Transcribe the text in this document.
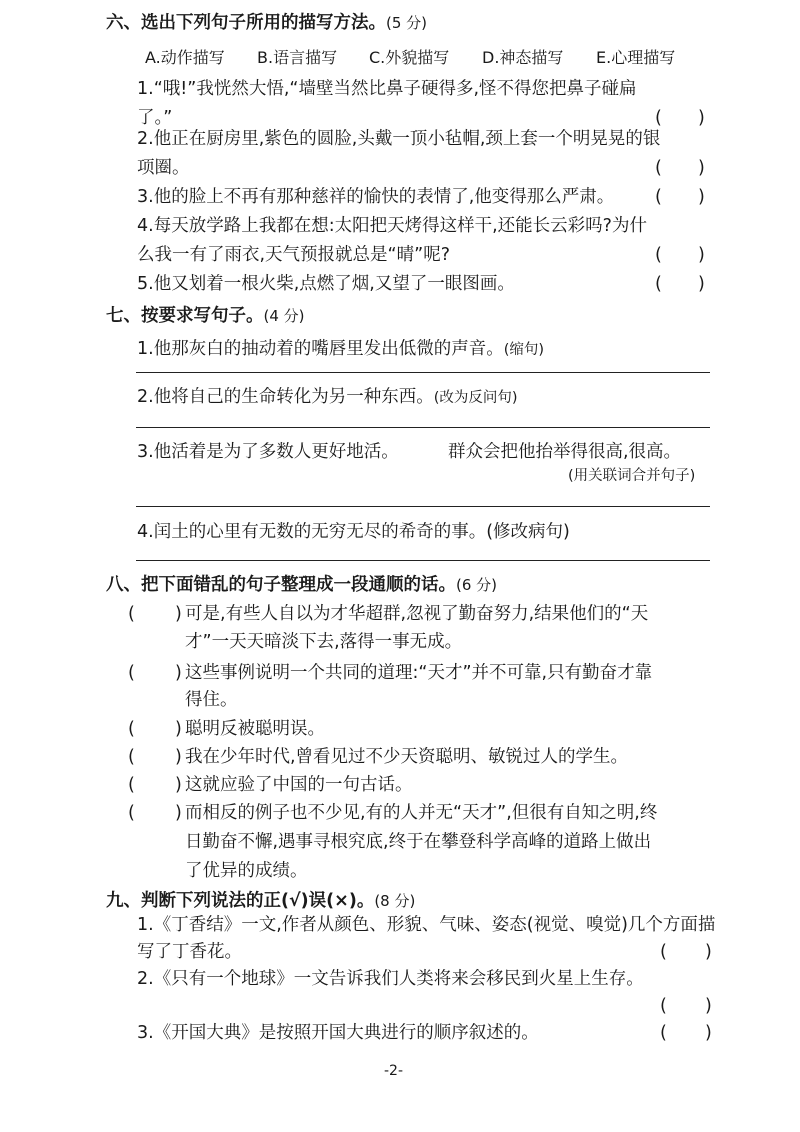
六、选出下列句子所用的描写方法。(5 分)
A.动作描写 B.语言描写 C.外貌描写 D.神态描写 E.心理描写
1.“哦!”我恍然大悟,“墙壁当然比鼻子硬得多,怪不得您把鼻子碰扁
了。”	( )
2.他正在厨房里,紫色的圆脸,头戴一顶小毡帽,颈上套一个明晃晃的银
项圈。	( )
3.他的脸上不再有那种慈祥的愉快的表情了,他变得那么严肃。 ( )
4.每天放学路上我都在想:太阳把天烤得这样干,还能长云彩吗?为什
么我一有了雨衣,天气预报就总是“晴”呢?	( )
5.他又划着一根火柴,点燃了烟,又望了一眼图画。	( )
七、按要求写句子。(4 分)
1.他那灰白的抽动着的嘴唇里发出低微的声音。(缩句)
2.他将自己的生命转化为另一种东西。(改为反问句)
3.他活着是为了多数人更好地活。	群众会把他抬举得很高,很高。
(用关联词合并句子)
4.闰土的心里有无数的无穷无尽的希奇的事。(修改病句)
八、把下面错乱的句子整理成一段通顺的话。(6 分)
( ) 可是,有些人自以为才华超群,忽视了勤奋努力,结果他们的“天
才”一天天暗淡下去,落得一事无成。
( ) 这些事例说明一个共同的道理:“天才”并不可靠,只有勤奋才靠
得住。
( ) 聪明反被聪明误。
( ) 我在少年时代,曾看见过不少天资聪明、敏锐过人的学生。
( ) 这就应验了中国的一句古话。
( ) 而相反的例子也不少见,有的人并无“天才”,但很有自知之明,终
日勤奋不懈,遇事寻根究底,终于在攀登科学高峰的道路上做出
了优异的成绩。
九、判断下列说法的正(√)误(×)。(8 分)
1.《丁香结》一文,作者从颜色、形貌、气味、姿态(视觉、嗅觉)几个方面描
写了丁香花。	( )
2.《只有一个地球》一文告诉我们人类将来会移民到火星上生存。
( )
3.《开国大典》是按照开国大典进行的顺序叙述的。	( )
-2-
